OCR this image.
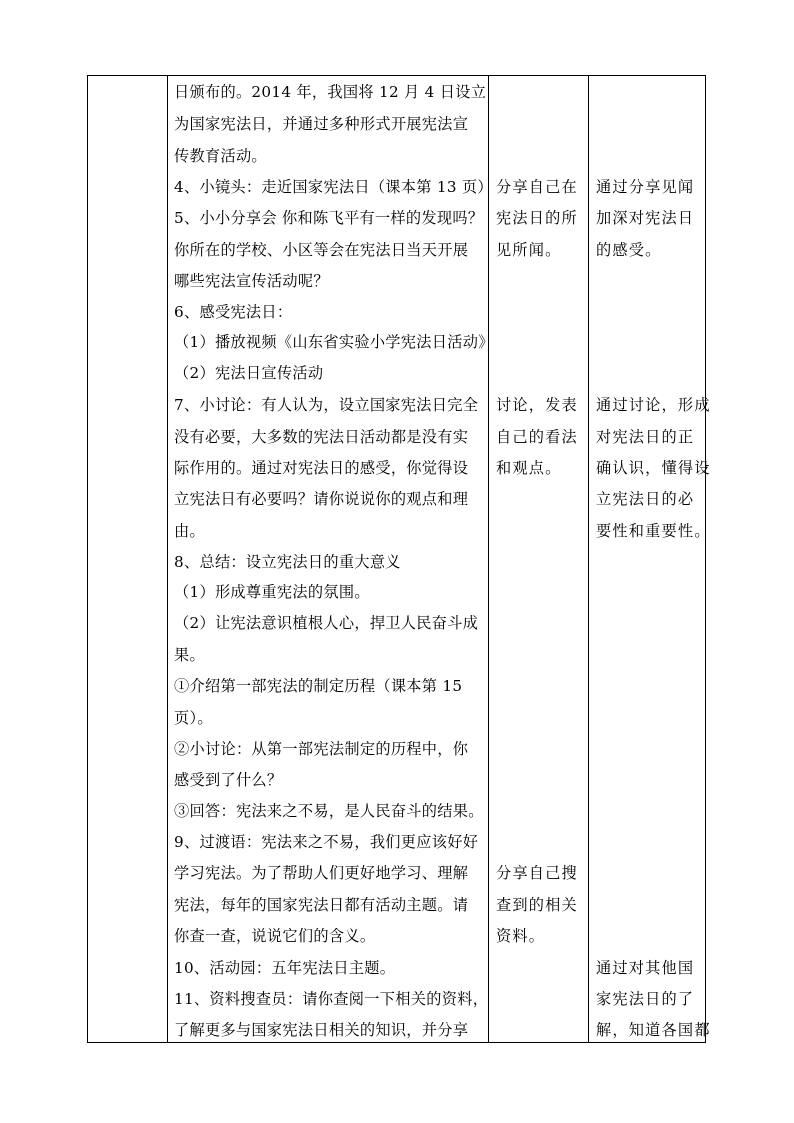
日颁布的。2014 年，我国将 12 月 4 日设立
为国家宪法日，并通过多种形式开展宪法宣
传教育活动。
4、小镜头：走近国家宪法日（课本第 13 页）
5、小小分享会 你和陈飞平有一样的发现吗？
你所在的学校、小区等会在宪法日当天开展
哪些宪法宣传活动呢？
6、感受宪法日：
（1）播放视频《山东省实验小学宪法日活动》
（2）宪法日宣传活动
7、小讨论：有人认为，设立国家宪法日完全
没有必要，大多数的宪法日活动都是没有实
际作用的。通过对宪法日的感受，你觉得设
立宪法日有必要吗？请你说说你的观点和理
由。
8、总结：设立宪法日的重大意义
（1）形成尊重宪法的氛围。
（2）让宪法意识植根人心，捍卫人民奋斗成
果。
①介绍第一部宪法的制定历程（课本第 15
页）。
②小讨论：从第一部宪法制定的历程中，你
感受到了什么？
③回答：宪法来之不易，是人民奋斗的结果。
9、过渡语：宪法来之不易，我们更应该好好
学习宪法。为了帮助人们更好地学习、理解
宪法，每年的国家宪法日都有活动主题。请
你查一查，说说它们的含义。
10、活动园：五年宪法日主题。
11、资料搜查员：请你查阅一下相关的资料，
了解更多与国家宪法日相关的知识，并分享
分享自己在
宪法日的所
见所闻。
讨论，发表
自己的看法
和观点。
分享自己搜
查到的相关
资料。
通过分享见闻
加深对宪法日
的感受。
通过讨论，形成
对宪法日的正
确认识，懂得设
立宪法日的必
要性和重要性。
通过对其他国
家宪法日的了
解，知道各国都
